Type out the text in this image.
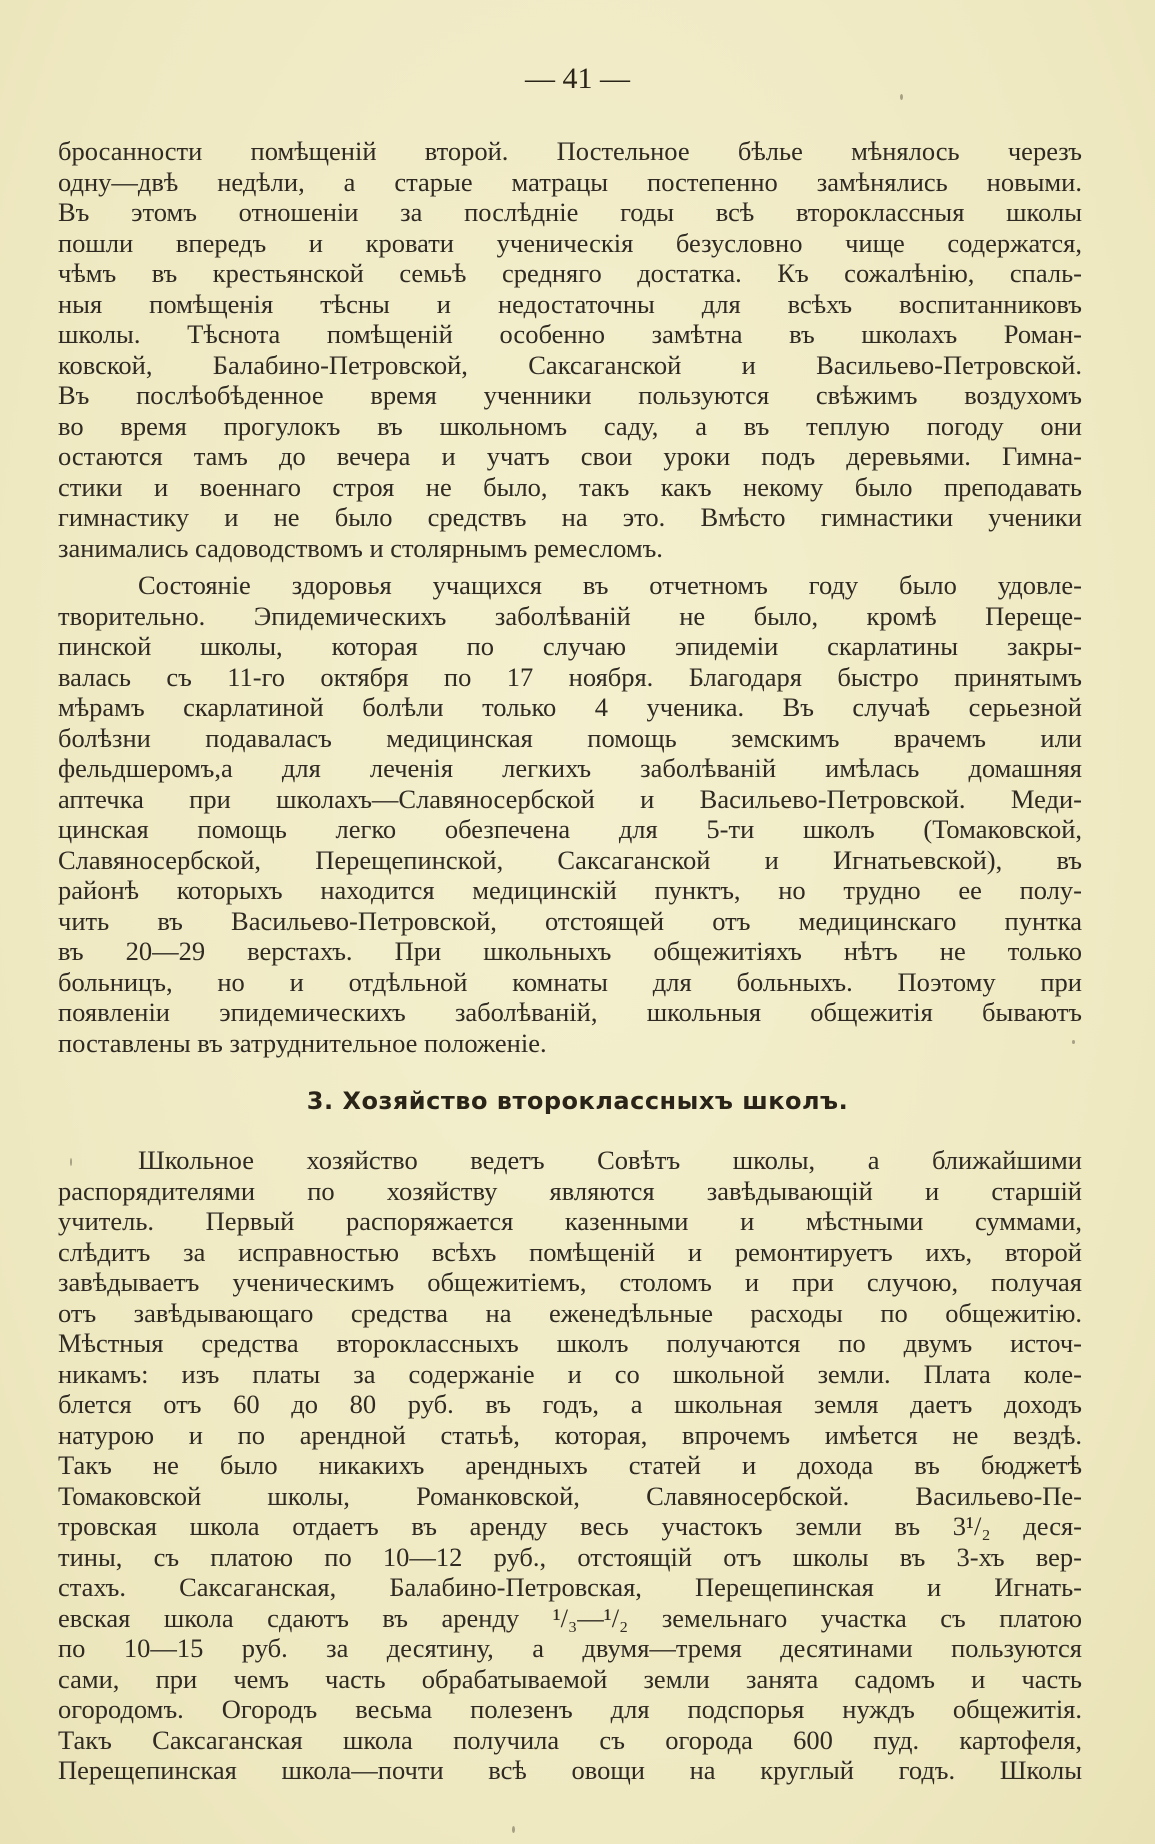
— 41 —
бросанности помѣщеній второй. Постельное бѣлье мѣнялось черезъ
одну—двѣ недѣли, а старые матрацы постепенно замѣнялись новыми.
Въ этомъ отношеніи за послѣдніе годы всѣ второклассныя школы
пошли впередъ и кровати ученическія безусловно чище содержатся,
чѣмъ въ крестьянской семьѣ средняго достатка. Къ сожалѣнію, спаль-
ныя помѣщенія тѣсны и недостаточны для всѣхъ воспитанниковъ
школы. Тѣснота помѣщеній особенно замѣтна въ школахъ Роман-
ковской, Балабино-Петровской, Саксаганской и Васильево-Петровской.
Въ послѣобѣденное время ученники пользуются свѣжимъ воздухомъ
во время прогулокъ въ школьномъ саду, а въ теплую погоду они
остаются тамъ до вечера и учатъ свои уроки подъ деревьями. Гимна-
стики и военнаго строя не было, такъ какъ некому было преподавать
гимнастику и не было средствъ на это. Вмѣсто гимнастики ученики
занимались садоводствомъ и столярнымъ ремесломъ.
Состояніе здоровья учащихся въ отчетномъ году было удовле-
творительно. Эпидемическихъ заболѣваній не было, кромѣ Перещe-
пинской школы, которая по случаю эпидеміи скарлатины закры-
валась съ 11-го октября по 17 ноября. Благодаря быстро принятымъ
мѣрамъ скарлатиной болѣли только 4 ученика. Въ случаѣ серьезной
болѣзни подаваласъ медицинская помощь земскимъ врачемъ или
фельдшеромъ,а для леченія легкихъ заболѣваній имѣлась домашняя
аптечка при школахъ—Славяносербской и Васильево-Петровской. Меди-
цинская помощь легко обезпечена для 5-ти школъ (Томаковской,
Славяносербской, Перещепинской, Саксаганской и Игнатьевской), въ
районѣ которыхъ находится медицинскій пунктъ, но трудно ее полу-
чить въ Васильево-Петровской, отстоящей отъ медицинскаго пунтка
въ 20—29 верстахъ. При школьныхъ общежитіяхъ нѣтъ не только
больницъ, но и отдѣльной комнаты для больныхъ. Поэтому при
появленіи эпидемическихъ заболѣваній, школьныя общежитія бываютъ
поставлены въ затруднительное положеніе.
3. Хозяйство второклассныхъ школъ.
Школьное хозяйство ведетъ Совѣтъ школы, а ближайшими
распорядителями по хозяйству являются завѣдывающій и старшій
учитель. Первый распоряжается казенными и мѣстными суммами,
слѣдитъ за исправностью всѣхъ помѣщеній и ремонтируетъ ихъ, второй
завѣдываетъ ученическимъ общежитіемъ, столомъ и при случою, получая
отъ завѣдывающаго средства на еженедѣльные расходы по общежитію.
Мѣстныя средства второклассныхъ школъ получаются по двумъ источ-
никамъ: изъ платы за содержаніе и со школьной земли. Плата коле-
блется отъ 60 до 80 руб. въ годъ, а школьная земля даетъ доходъ
натурою и по арендной статьѣ, которая, впрочемъ имѣется не вездѣ.
Такъ не было никакихъ арендныхъ статей и дохода въ бюджетѣ
Томаковской школы, Романковской, Славяносербской. Васильево-Пе-
тровская школа отдаетъ въ аренду весь участокъ земли въ 3¹/₂ деся-
тины, съ платою по 10—12 руб., отстоящій отъ школы въ 3-хъ вер-
стахъ. Саксаганская, Балабино-Петровская, Перещепинская и Игнать-
евская школа сдаютъ въ аренду ¹/₃—¹/₂ земельнаго участка съ платою
по 10—15 руб. за десятину, а двумя—тремя десятинами пользуются
сами, при чемъ часть обрабатываемой земли занята садомъ и часть
огородомъ. Огородъ весьма полезенъ для подспорья нуждъ общежитія.
Такъ Саксаганская школа получила съ огорода 600 пуд. картофеля,
Перещепинская школа—почти всѣ овощи на круглый годъ. Школы
